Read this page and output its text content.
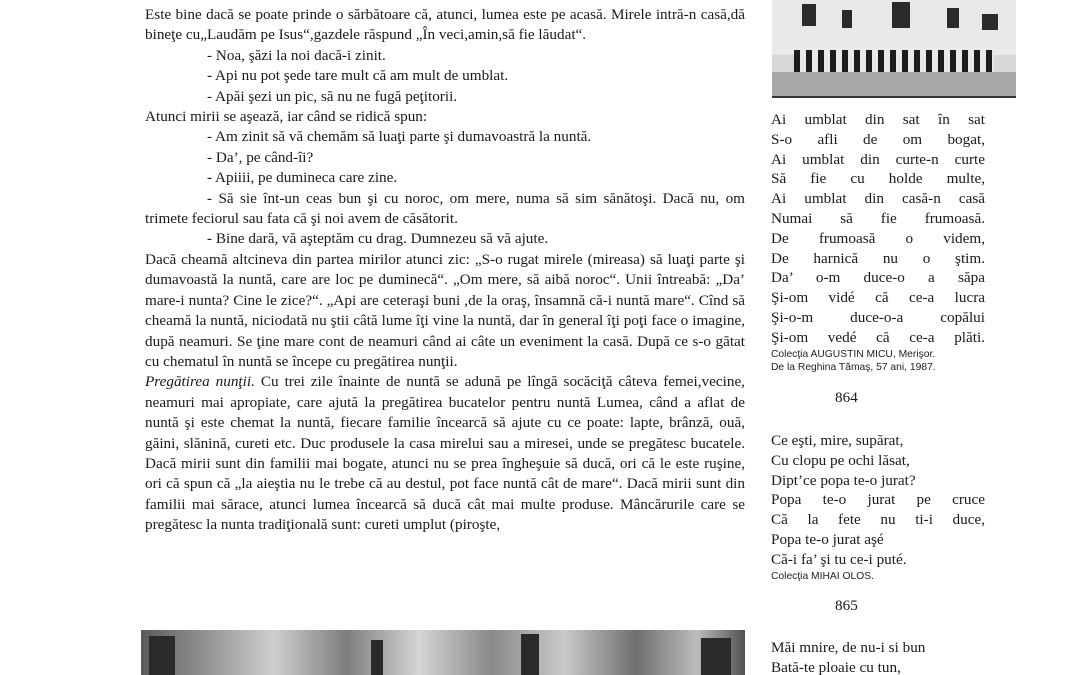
Este bine dacă se poate prinde o sărbătoare că, atunci, lumea este pe acasă. Mirele intră-n casă,dă bineţe cu„Laudăm pe Isus“,gazdele răspund „În veci,amin,să fie lăudat“.

- Noa, şăzi la noi dacă-i zinit.

- Api nu pot şede tare mult că am mult de umblat.

- Apăi şezi un pic, să nu ne fugă peţitorii.

Atunci mirii se aşează, iar când se ridică spun:

- Am zinit să vă chemăm să luaţi parte şi dumavoastră la nuntă.

- Da’, pe când-îi?

- Apiiii, pe dumineca care zine.

- Să sie înt-un ceas bun şi cu noroc, om mere, numa să sim sănătoşi. Dacă nu, om trimete feciorul sau fata că şi noi avem de căsătorit.

- Bine dară, vă aşteptăm cu drag. Dumnezeu să vă ajute.

Dacă cheamă altcineva din partea mirilor atunci zic: „S-o rugat mirele (mireasa) să luaţi parte şi dumavoastă la nuntă, care are loc pe duminecă“. „Om mere, să aibă noroc“. Unii întreabă: „Da’ mare-i nunta? Cine le zice?“. „Api are ceteraşi buni ,de la oraş, însamnă că-i nuntă mare“. Cînd să cheamă la nuntă, niciodată nu ştii câtă lume îţi vine la nuntă, dar în general îţi poţi face o imagine, după neamuri. Se ţine mare cont de neamuri când ai câte un eveniment la casă. După ce s-o gătat cu chematul în nuntă se începe cu pregătirea nunţii.

Pregătirea nunţii. Cu trei zile înainte de nuntă se adună pe lîngă socăciţă câteva femei,vecine, neamuri mai apropiate, care ajută la pregătirea bucatelor pentru nuntă Lumea, când a aflat de nuntă şi este chemat la nuntă, fiecare familie încearcă să ajute cu ce poate: lapte, brânză, ouă, găini, slănină, cureti etc. Duc produsele la casa mirelui sau a miresei, unde se pregătesc bucatele. Dacă mirii sunt din familii mai bogate, atunci nu se prea îngheşuie să ducă, ori că le este ruşine, ori că spun că „la aieştia nu le trebe că au destul, pot face nuntă cât de mare“. Dacă mirii sunt din familii mai sărace, atunci lumea încearcă să ducă cât mai multe produse. Mâncărurile care se pregătesc la nunta tradiţională sunt: cureti umplut (piroşte,

Ai umblat din sat în sat

S-o afli de om bogat,

Ai umblat din curte-n curte

Să fie cu holde multe,

Ai umblat din casă-n casă

Numai să fie frumoasă.

De frumoasă o videm,

De harnică nu o ştim.

Da’ o-m duce-o a săpa

Şi-om vidé că ce-a lucra

Şi-o-m duce-o-a copălui

Şi-om vedé că ce-a plăti.

Colecţia AUGUSTIN MICU, Merişor.
De la Reghina Tămaş, 57 ani, 1987.
864

Ce eşti, mire, supărat,

Cu clopu pe ochi lăsat,

Dipt’ce popa te-o jurat?

Popa te-o jurat pe cruce

Că la fete nu ti-i duce,

Popa te-o jurat aşé

Că-i fa’ şi tu ce-i puté.

Colecţia MIHAI OLOS.
865

Măi mnire, de nu-i si bun

Bată-te ploaie cu tun,
